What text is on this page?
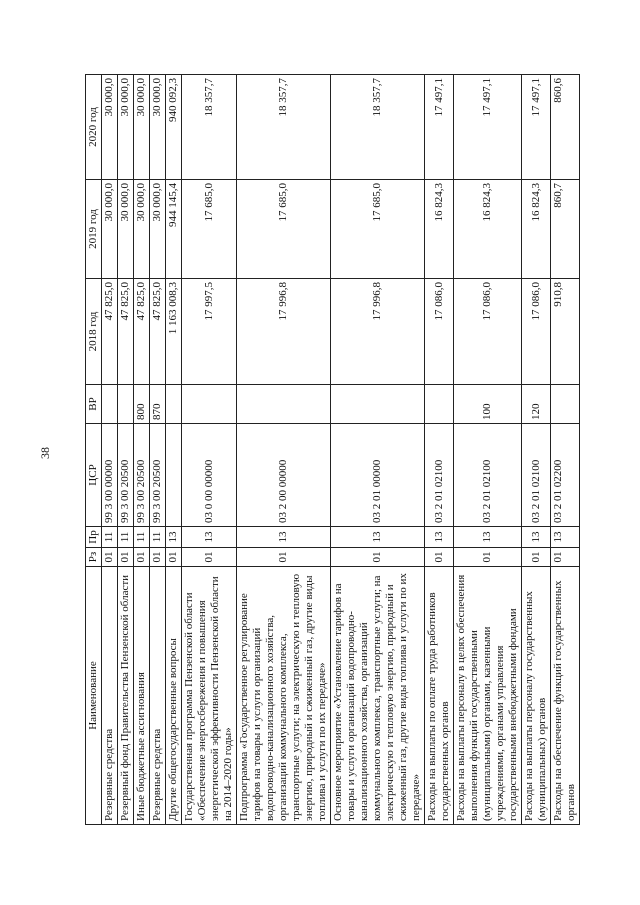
38
Наименование	Рз	Пр	ЦСР	ВР	2018 год	2019 год	2020 год
Резервные средства	01	11	99 3 00 00000		47 825,0	30 000,0	30 000,0
Резервный фонд Правительства Пензенской области	01	11	99 3 00 20500		47 825,0	30 000,0	30 000,0
Иные бюджетные ассигнования	01	11	99 3 00 20500	800	47 825,0	30 000,0	30 000,0
Резервные средства	01	11	99 3 00 20500	870	47 825,0	30 000,0	30 000,0
Другие общегосударственные вопросы	01	13			1 163 008,3	944 145,4	940 092,3
Государственная программа Пензенской области «Обеспечение энергосбережения и повышения энергетической эффективности Пензенской области на 2014–2020 годы»	01	13	03 0 00 00000		17 997,5	17 685,0	18 357,7
Подпрограмма «Государственное регулирование тарифов на товары и услуги организаций водопроводно-канализационного хозяйства, организаций коммунального комплекса, транспортные услуги; на электрическую и тепловую энергию, природный и сжиженный газ, другие виды топлива и услуги по их передаче»	01	13	03 2 00 00000		17 996,8	17 685,0	18 357,7
Основное мероприятие «Установление тарифов на товары и услуги организаций водопроводно-канализационного хозяйства, организаций коммунального комплекса, транспортные услуги; на электрическую и тепловую энергию, природный и сжиженный газ, другие виды топлива и услуги по их передаче»	01	13	03 2 01 00000		17 996,8	17 685,0	18 357,7
Расходы на выплаты по оплате труда работников государственных органов	01	13	03 2 01 02100		17 086,0	16 824,3	17 497,1
Расходы на выплаты персоналу в целях обеспечения выполнения функций государственными (муниципальными) органами, казенными учреждениями, органами управления государственными внебюджетными фондами	01	13	03 2 01 02100	100	17 086,0	16 824,3	17 497,1
Расходы на выплаты персоналу государственных (муниципальных) органов	01	13	03 2 01 02100	120	17 086,0	16 824,3	17 497,1
Расходы на обеспечение функций государственных органов	01	13	03 2 01 02200		910,8	860,7	860,6
